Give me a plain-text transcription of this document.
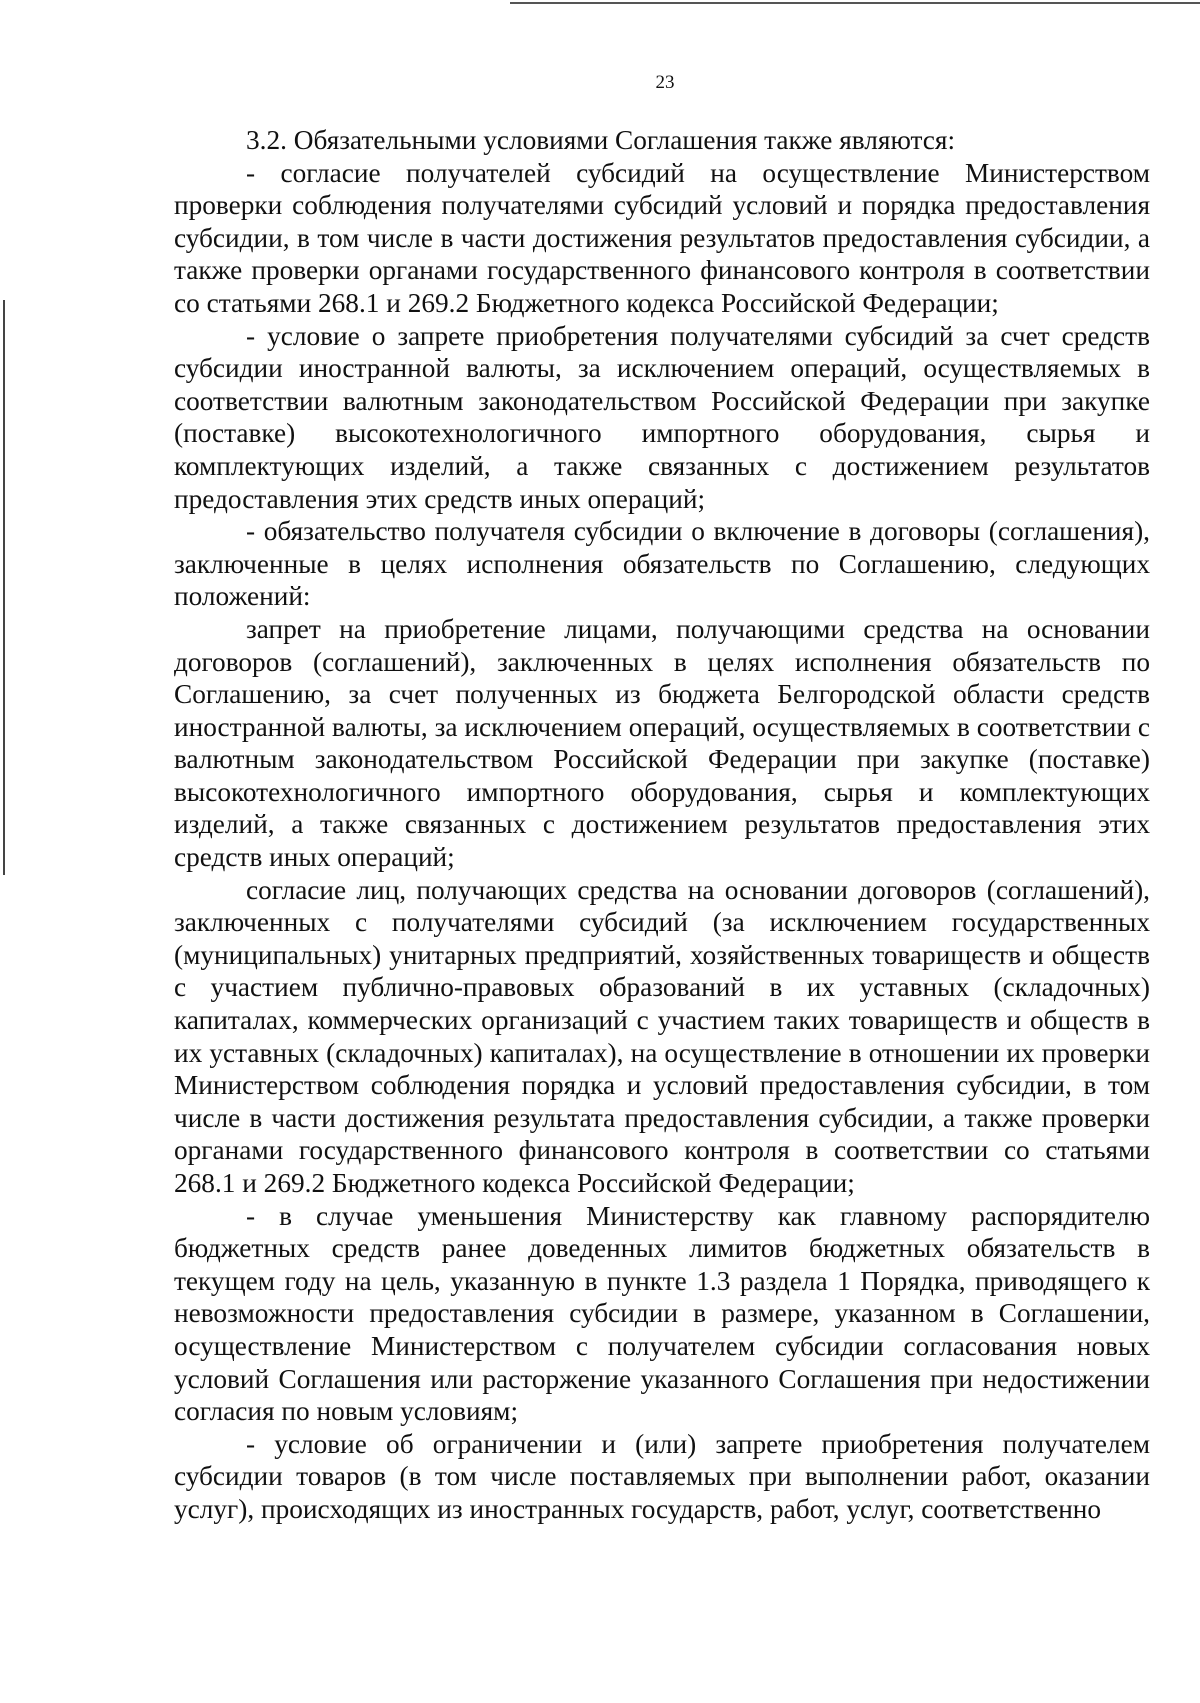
23

3.2. Обязательными условиями Соглашения также являются:

- согласие получателей субсидий на осуществление Министерством проверки соблюдения получателями субсидий условий и порядка предоставления субсидии, в том числе в части достижения результатов предоставления субсидии, а также проверки органами государственного финансового контроля в соответствии со статьями 268.1 и 269.2 Бюджетного кодекса Российской Федерации;

- условие о запрете приобретения получателями субсидий за счет средств субсидии иностранной валюты, за исключением операций, осуществляемых в соответствии валютным законодательством Российской Федерации при закупке (поставке) высокотехнологичного импортного оборудования, сырья и комплектующих изделий, а также связанных с достижением результатов предоставления этих средств иных операций;

- обязательство получателя субсидии о включение в договоры (соглашения), заключенные в целях исполнения обязательств по Соглашению, следующих положений:

запрет на приобретение лицами, получающими средства на основании договоров (соглашений), заключенных в целях исполнения обязательств по Соглашению, за счет полученных из бюджета Белгородской области средств иностранной валюты, за исключением операций, осуществляемых в соответствии с валютным законодательством Российской Федерации при закупке (поставке) высокотехнологичного импортного оборудования, сырья и комплектующих изделий, а также связанных с достижением результатов предоставления этих средств иных операций;

согласие лиц, получающих средства на основании договоров (соглашений), заключенных с получателями субсидий (за исключением государственных (муниципальных) унитарных предприятий, хозяйственных товариществ и обществ с участием публично-правовых образований в их уставных (складочных) капиталах, коммерческих организаций с участием таких товариществ и обществ в их уставных (складочных) капиталах), на осуществление в отношении их проверки Министерством соблюдения порядка и условий предоставления субсидии, в том числе в части достижения результата предоставления субсидии, а также проверки органами государственного финансового контроля в соответствии со статьями 268.1 и 269.2 Бюджетного кодекса Российской Федерации;

- в случае уменьшения Министерству как главному распорядителю бюджетных средств ранее доведенных лимитов бюджетных обязательств в текущем году на цель, указанную в пункте 1.3 раздела 1 Порядка, приводящего к невозможности предоставления субсидии в размере, указанном в Соглашении, осуществление Министерством с получателем субсидии согласования новых условий Соглашения или расторжение указанного Соглашения при недостижении согласия по новым условиям;

- условие об ограничении и (или) запрете приобретения получателем субсидии товаров (в том числе поставляемых при выполнении работ, оказании услуг), происходящих из иностранных государств, работ, услуг, соответственно
